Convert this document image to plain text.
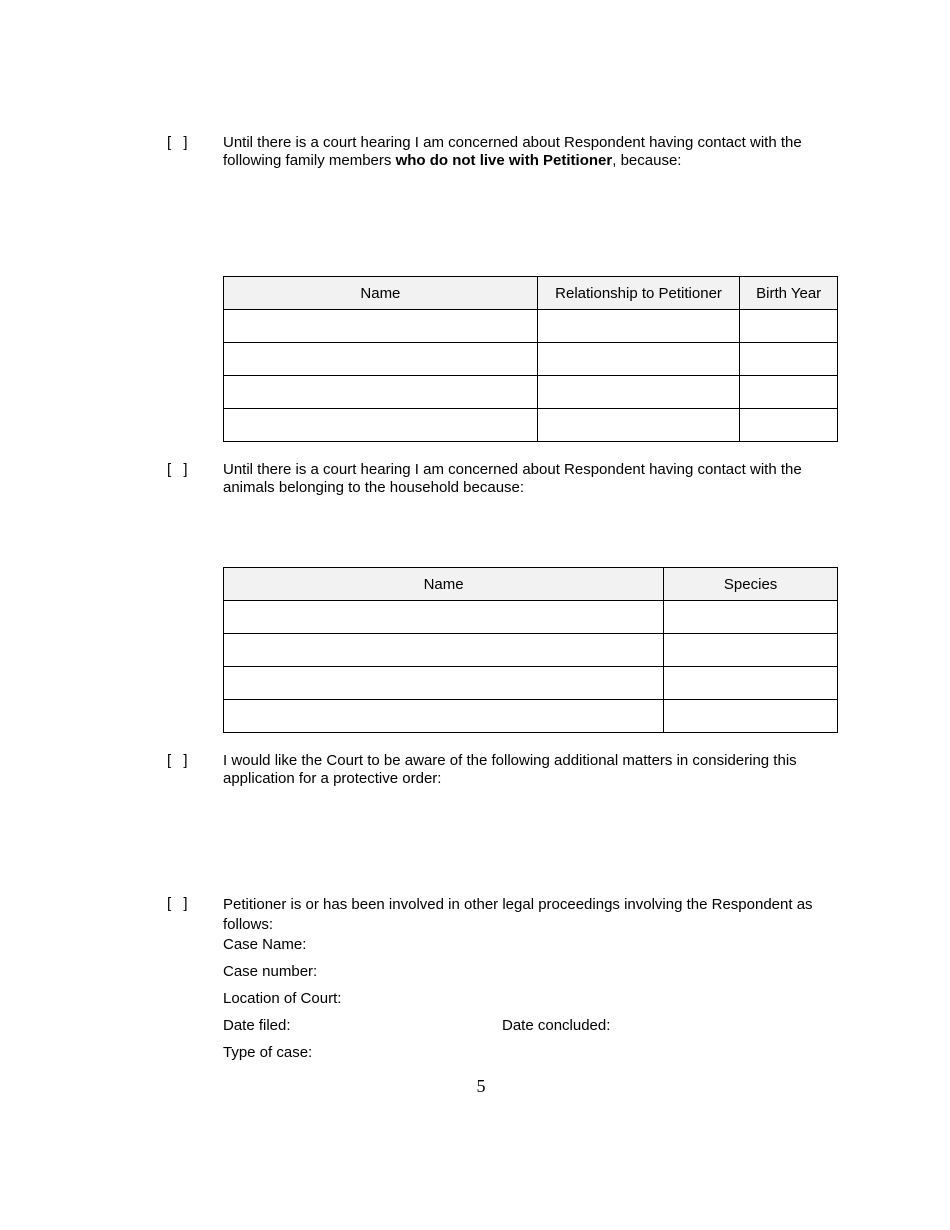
[ ] Until there is a court hearing I am concerned about Respondent having contact with the following family members who do not live with Petitioner, because:
Name	Relationship to Petitioner	Birth Year

[ ] Until there is a court hearing I am concerned about Respondent having contact with the animals belonging to the household because:
Name	Species

[ ] I would like the Court to be aware of the following additional matters in considering this application for a protective order:
[ ] Petitioner is or has been involved in other legal proceedings involving the Respondent as follows:
Case Name:
Case number:
Location of Court:
Date filed:	Date concluded:
Type of case:
5
